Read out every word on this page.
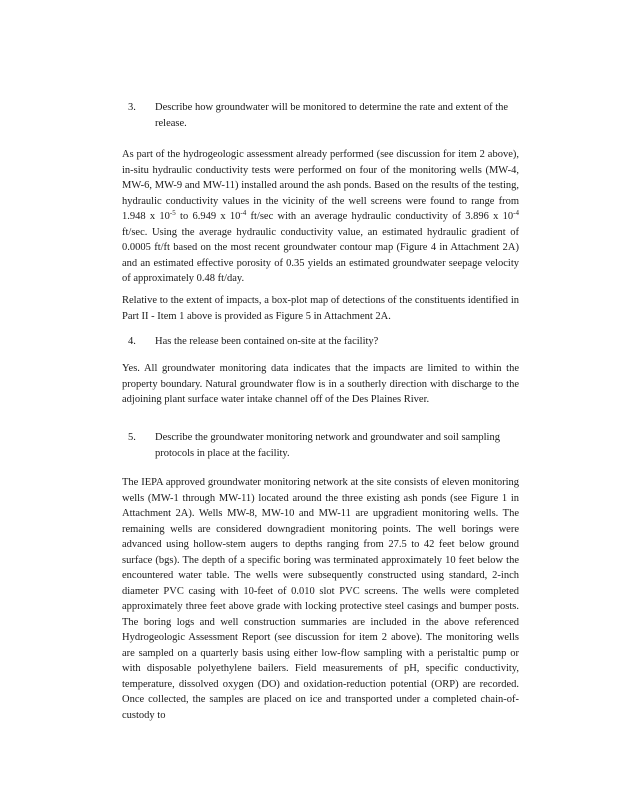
3.	Describe how groundwater will be monitored to determine the rate and extent of the release.

As part of the hydrogeologic assessment already performed (see discussion for item 2 above), in-situ hydraulic conductivity tests were performed on four of the monitoring wells (MW-4, MW-6, MW-9 and MW-11) installed around the ash ponds. Based on the results of the testing, hydraulic conductivity values in the vicinity of the well screens were found to range from 1.948 x $10^{-5}$ to 6.949 x $10^{-4}$ ft/sec with an average hydraulic conductivity of 3.896 x $10^{-4}$ ft/sec. Using the average hydraulic conductivity value, an estimated hydraulic gradient of 0.0005 ft/ft based on the most recent groundwater contour map (Figure 4 in Attachment 2A) and an estimated effective porosity of 0.35 yields an estimated groundwater seepage velocity of approximately 0.48 ft/day.

Relative to the extent of impacts, a box-plot map of detections of the constituents identified in Part II - Item 1 above is provided as Figure 5 in Attachment 2A.

4.	Has the release been contained on-site at the facility?

Yes. All groundwater monitoring data indicates that the impacts are limited to within the property boundary. Natural groundwater flow is in a southerly direction with discharge to the adjoining plant surface water intake channel off of the Des Plaines River.

5.	Describe the groundwater monitoring network and groundwater and soil sampling protocols in place at the facility.

The IEPA approved groundwater monitoring network at the site consists of eleven monitoring wells (MW-1 through MW-11) located around the three existing ash ponds (see Figure 1 in Attachment 2A). Wells MW-8, MW-10 and MW-11 are upgradient monitoring wells. The remaining wells are considered downgradient monitoring points. The well borings were advanced using hollow-stem augers to depths ranging from 27.5 to 42 feet below ground surface (bgs). The depth of a specific boring was terminated approximately 10 feet below the encountered water table. The wells were subsequently constructed using standard, 2-inch diameter PVC casing with 10-feet of 0.010 slot PVC screens. The wells were completed approximately three feet above grade with locking protective steel casings and bumper posts. The boring logs and well construction summaries are included in the above referenced Hydrogeologic Assessment Report (see discussion for item 2 above). The monitoring wells are sampled on a quarterly basis using either low-flow sampling with a peristaltic pump or with disposable polyethylene bailers. Field measurements of pH, specific conductivity, temperature, dissolved oxygen (DO) and oxidation-reduction potential (ORP) are recorded. Once collected, the samples are placed on ice and transported under a completed chain-of-custody to
